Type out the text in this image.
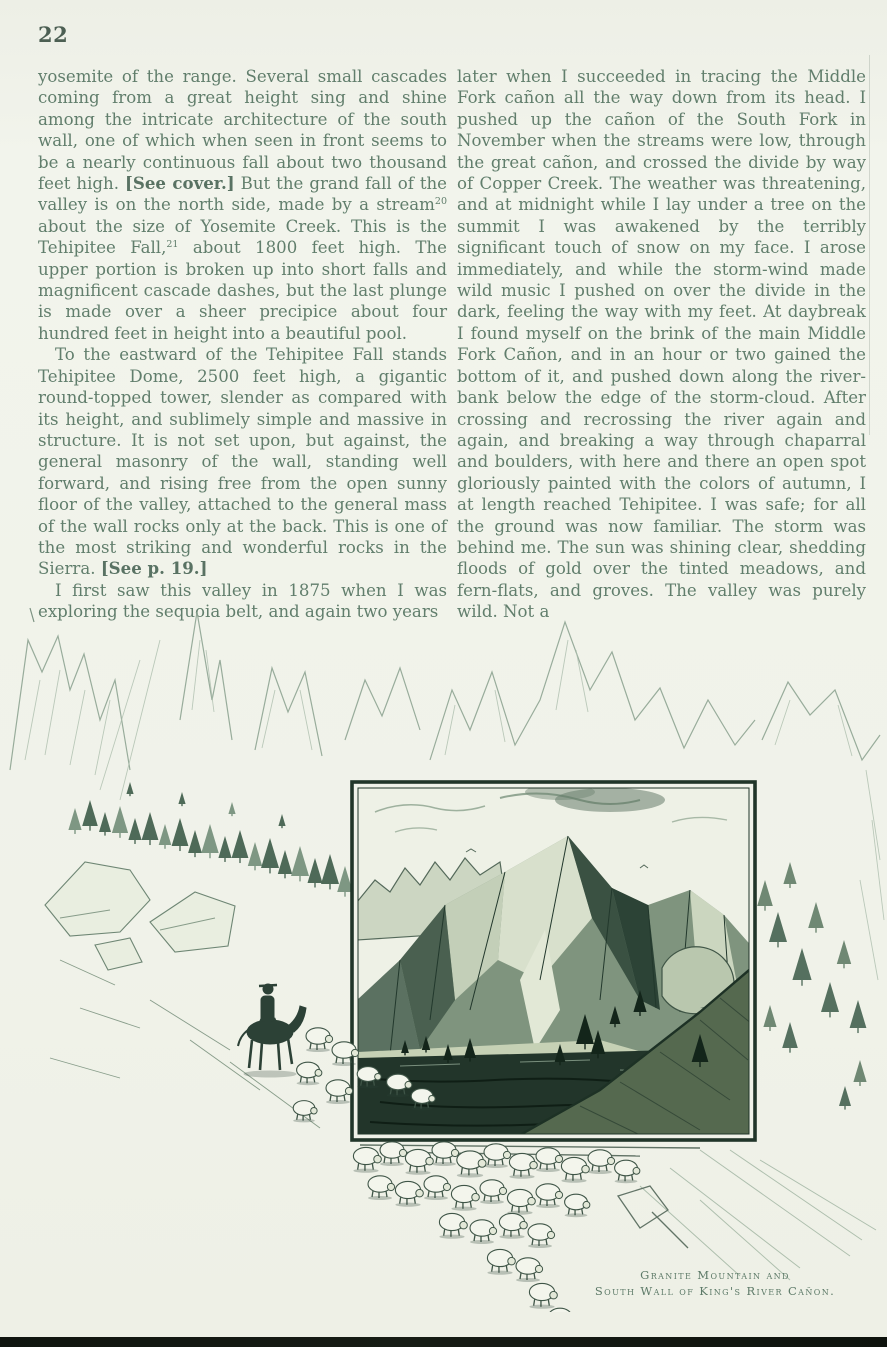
22

yosemite of the range. Several small cascades coming from a great height sing and shine among the intricate architecture of the south wall, one of which when seen in front seems to be a nearly continuous fall about two thousand feet high. [See cover.] But the grand fall of the valley is on the north side, made by a stream$^{20}$ about the size of Yosemite Creek. This is the Tehipitee Fall,$^{21}$ about 1800 feet high. The upper portion is broken up into short falls and magnificent cascade dashes, but the last plunge is made over a sheer precipice about four hundred feet in height into a beautiful pool.

To the eastward of the Tehipitee Fall stands Tehipitee Dome, 2500 feet high, a gigantic round-topped tower, slender as compared with its height, and sublimely simple and massive in structure. It is not set upon, but against, the general masonry of the wall, standing well forward, and rising free from the open sunny floor of the valley, attached to the general mass of the wall rocks only at the back. This is one of the most striking and wonderful rocks in the Sierra. [See p. 19.]

I first saw this valley in 1875 when I was exploring the sequoia belt, and again two years

later when I succeeded in tracing the Middle Fork cañon all the way down from its head. I pushed up the cañon of the South Fork in November when the streams were low, through the great cañon, and crossed the divide by way of Copper Creek. The weather was threatening, and at midnight while I lay under a tree on the summit I was awakened by the terribly significant touch of snow on my face. I arose immediately, and while the storm-wind made wild music I pushed on over the divide in the dark, feeling the way with my feet. At daybreak I found myself on the brink of the main Middle Fork Cañon, and in an hour or two gained the bottom of it, and pushed down along the river-bank below the edge of the storm-cloud. After crossing and recrossing the river again and again, and breaking a way through chaparral and boulders, with here and there an open spot gloriously painted with the colors of autumn, I at length reached Tehipitee. I was safe; for all the ground was now familiar. The storm was behind me. The sun was shining clear, shedding floods of gold over the tinted meadows, and fern-flats, and groves. The valley was purely wild. Not a

Granite Mountain and
South Wall of King's River Cañon.
